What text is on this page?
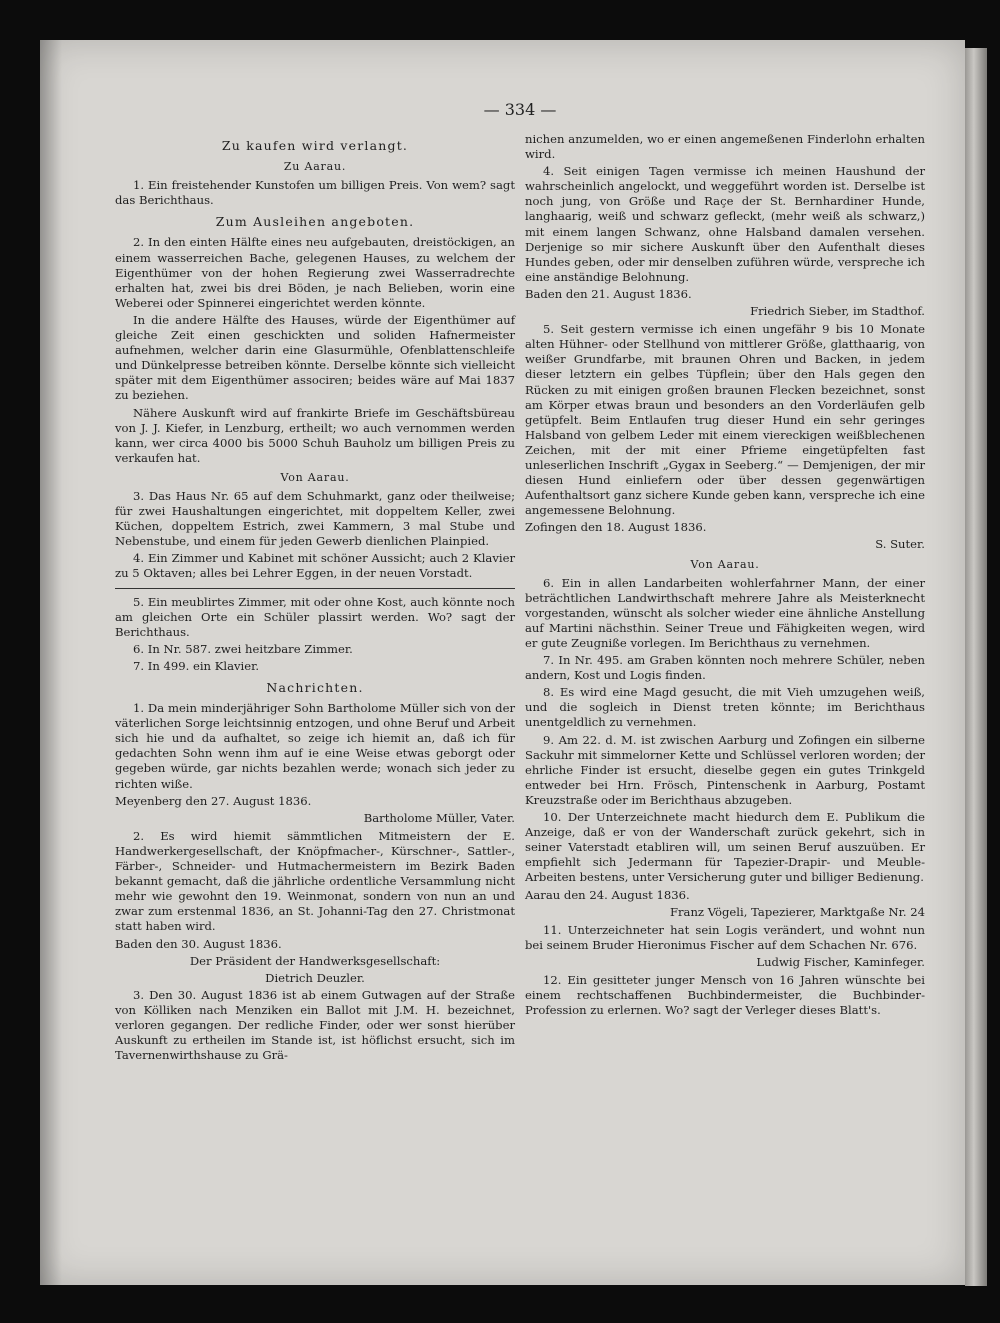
— 334 —
Zu kaufen wird verlangt.
Zu Aarau.

1. Ein freistehender Kunstofen um billigen Preis. Von wem? sagt das Berichthaus.

Zum Ausleihen angeboten.

2. In den einten Hälfte eines neu aufgebauten, dreistöckigen, an einem wasserreichen Bache, gelegenen Hauses, zu welchem der Eigenthümer von der hohen Regierung zwei Wasserradrechte erhalten hat, zwei bis drei Böden, je nach Belieben, worin eine Weberei oder Spinnerei eingerichtet werden könnte.

In die andere Hälfte des Hauses, würde der Eigenthümer auf gleiche Zeit einen geschickten und soliden Hafnermeister aufnehmen, welcher darin eine Glasurmühle, Ofenblattenschleife und Dünkelpresse betreiben könnte. Derselbe könnte sich vielleicht später mit dem Eigenthümer associren; beides wäre auf Mai 1837 zu beziehen.

Nähere Auskunft wird auf frankirte Briefe im Geschäftsbüreau von J. J. Kiefer, in Lenzburg, ertheilt; wo auch vernommen werden kann, wer circa 4000 bis 5000 Schuh Bauholz um billigen Preis zu verkaufen hat.

Von Aarau.

3. Das Haus Nr. 65 auf dem Schuhmarkt, ganz oder theilweise; für zwei Haushaltungen eingerichtet, mit doppeltem Keller, zwei Küchen, doppeltem Estrich, zwei Kammern, 3 mal Stube und Nebenstube, und einem für jeden Gewerb dienlichen Plainpied.

4. Ein Zimmer und Kabinet mit schöner Aussicht; auch 2 Klavier zu 5 Oktaven; alles bei Lehrer Eggen, in der neuen Vorstadt.

5. Ein meublirtes Zimmer, mit oder ohne Kost, auch könnte noch am gleichen Orte ein Schüler plassirt werden. Wo? sagt der Berichthaus.

6. In Nr. 587. zwei heitzbare Zimmer.

7. In 499. ein Klavier.

Nachrichten.

1. Da mein minderjähriger Sohn Bartholome Müller sich von der väterlichen Sorge leichtsinnig entzogen, und ohne Beruf und Arbeit sich hie und da aufhaltet, so zeige ich hiemit an, daß ich für gedachten Sohn wenn ihm auf ie eine Weise etwas geborgt oder gegeben würde, gar nichts bezahlen werde; wonach sich jeder zu richten wiße.

Meyenberg den 27. August 1836.

Bartholome Müller, Vater.

2. Es wird hiemit sämmtlichen Mitmeistern der E. Handwerkergesellschaft, der Knöpfmacher-, Kürschner-, Sattler-, Färber-, Schneider- und Hutmachermeistern im Bezirk Baden bekannt gemacht, daß die jährliche ordentliche Versammlung nicht mehr wie gewohnt den 19. Weinmonat, sondern von nun an und zwar zum erstenmal 1836, an St. Johanni-Tag den 27. Christmonat statt haben wird.

Baden den 30. August 1836.

Der Präsident der Handwerksgesellschaft:

Dietrich Deuzler.

3. Den 30. August 1836 ist ab einem Gutwagen auf der Straße von Kölliken nach Menziken ein Ballot mit J.M. H. bezeichnet, verloren gegangen. Der redliche Finder, oder wer sonst hierüber Auskunft zu ertheilen im Stande ist, ist höflichst ersucht, sich im Tavernenwirthshause zu Grä-

nichen anzumelden, wo er einen angemeßenen Finderlohn erhalten wird.

4. Seit einigen Tagen vermisse ich meinen Haushund der wahrscheinlich angelockt, und weggeführt worden ist. Derselbe ist noch jung, von Größe und Raçe der St. Bernhardiner Hunde, langhaarig, weiß und schwarz gefleckt, (mehr weiß als schwarz,) mit einem langen Schwanz, ohne Halsband damalen versehen. Derjenige so mir sichere Auskunft über den Aufenthalt dieses Hundes geben, oder mir denselben zuführen würde, verspreche ich eine anständige Belohnung.

Baden den 21. August 1836.

Friedrich Sieber, im Stadthof.

5. Seit gestern vermisse ich einen ungefähr 9 bis 10 Monate alten Hühner- oder Stellhund von mittlerer Größe, glatthaarig, von weißer Grundfarbe, mit braunen Ohren und Backen, in jedem dieser letztern ein gelbes Tüpflein; über den Hals gegen den Rücken zu mit einigen großen braunen Flecken bezeichnet, sonst am Körper etwas braun und besonders an den Vorderläufen gelb getüpfelt. Beim Entlaufen trug dieser Hund ein sehr geringes Halsband von gelbem Leder mit einem viereckigen weißblechenen Zeichen, mit der mit einer Pfrieme eingetüpfelten fast unleserlichen Inschrift „Gygax in Seeberg.“ — Demjenigen, der mir diesen Hund einliefern oder über dessen gegenwärtigen Aufenthaltsort ganz sichere Kunde geben kann, verspreche ich eine angemessene Belohnung.

Zofingen den 18. August 1836.

S. Suter.

Von Aarau.

6. Ein in allen Landarbeiten wohlerfahrner Mann, der einer beträchtlichen Landwirthschaft mehrere Jahre als Meisterknecht vorgestanden, wünscht als solcher wieder eine ähnliche Anstellung auf Martini nächsthin. Seiner Treue und Fähigkeiten wegen, wird er gute Zeugniße vorlegen. Im Berichthaus zu vernehmen.

7. In Nr. 495. am Graben könnten noch mehrere Schüler, neben andern, Kost und Logis finden.

8. Es wird eine Magd gesucht, die mit Vieh umzugehen weiß, und die sogleich in Dienst treten könnte; im Berichthaus unentgeldlich zu vernehmen.

9. Am 22. d. M. ist zwischen Aarburg und Zofingen ein silberne Sackuhr mit simmelorner Kette und Schlüssel verloren worden; der ehrliche Finder ist ersucht, dieselbe gegen ein gutes Trinkgeld entweder bei Hrn. Frösch, Pintenschenk in Aarburg, Postamt Kreuzstraße oder im Berichthaus abzugeben.

10. Der Unterzeichnete macht hiedurch dem E. Publikum die Anzeige, daß er von der Wanderschaft zurück gekehrt, sich in seiner Vaterstadt etabliren will, um seinen Beruf auszuüben. Er empfiehlt sich Jedermann für Tapezier-Drapir- und Meuble-Arbeiten bestens, unter Versicherung guter und billiger Bedienung.

Aarau den 24. August 1836.

Franz Vögeli, Tapezierer, Marktgaße Nr. 24

11. Unterzeichneter hat sein Logis verändert, und wohnt nun bei seinem Bruder Hieronimus Fischer auf dem Schachen Nr. 676.

Ludwig Fischer, Kaminfeger.

12. Ein gesitteter junger Mensch von 16 Jahren wünschte bei einem rechtschaffenen Buchbindermeister, die Buchbinder-Profession zu erlernen. Wo? sagt der Verleger dieses Blatt's.
